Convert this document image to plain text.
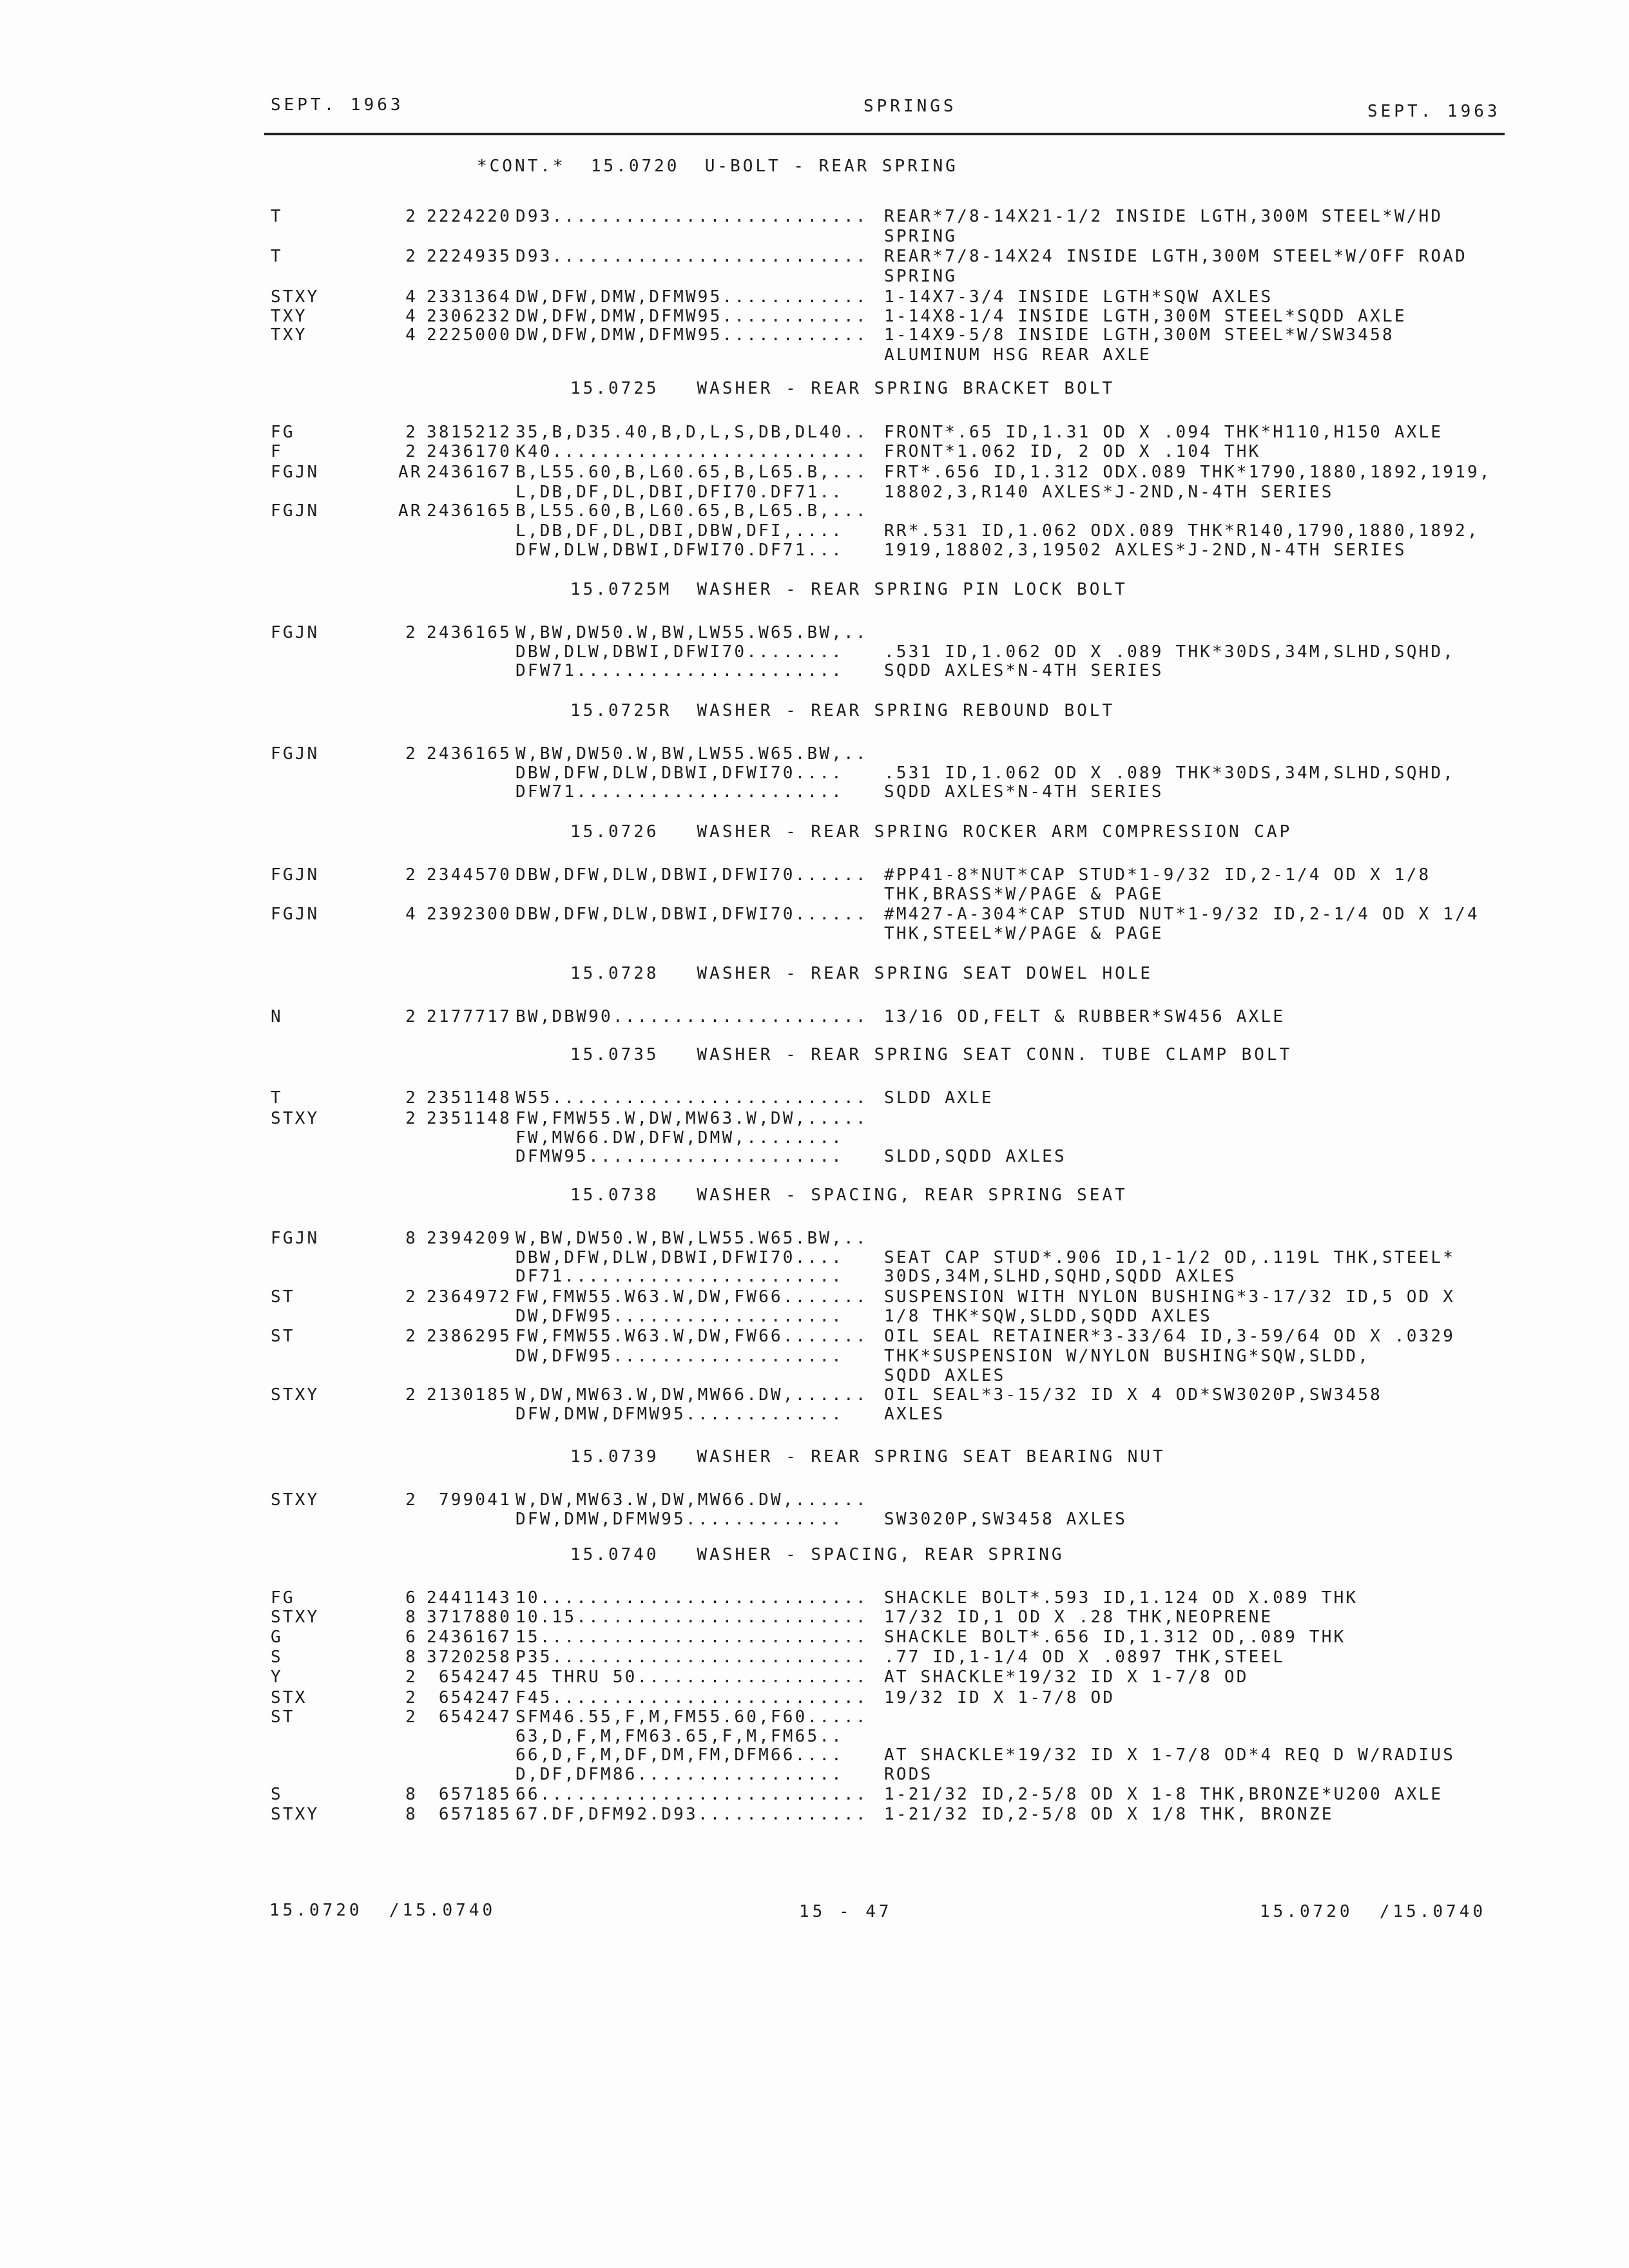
SEPT. 1963	SPRINGS	SEPT. 1963
*CONT.*  15.0720  U-BOLT - REAR SPRING
T	2 2224220 D93.......................... REAR*7/8-14X21-1/2 INSIDE LGTH,300M STEEL*W/HD
SPRING
T	2 2224935 D93.......................... REAR*7/8-14X24 INSIDE LGTH,300M STEEL*W/OFF ROAD
SPRING
STXY	4 2331364 DW,DFW,DMW,DFMW95............ 1-14X7-3/4 INSIDE LGTH*SQW AXLES
TXY	4 2306232 DW,DFW,DMW,DFMW95............ 1-14X8-1/4 INSIDE LGTH,300M STEEL*SQDD AXLE
TXY	4 2225000 DW,DFW,DMW,DFMW95............ 1-14X9-5/8 INSIDE LGTH,300M STEEL*W/SW3458
ALUMINUM HSG REAR AXLE
15.0725   WASHER - REAR SPRING BRACKET BOLT
FG	2 3815212 35,B,D35.40,B,D,L,S,DB,DL40.. FRONT*.65 ID,1.31 OD X .094 THK*H110,H150 AXLE
F	2 2436170 K40.......................... FRONT*1.062 ID, 2 OD X .104 THK
FGJN	AR 2436167 B,L55.60,B,L60.65,B,L65.B,... FRT*.656 ID,1.312 ODX.089 THK*1790,1880,1892,1919,
L,DB,DF,DL,DBI,DFI70.DF71.. 18802,3,R140 AXLES*J-2ND,N-4TH SERIES
FGJN	AR 2436165 B,L55.60,B,L60.65,B,L65.B,...
L,DB,DF,DL,DBI,DBW,DFI,.... RR*.531 ID,1.062 ODX.089 THK*R140,1790,1880,1892,
DFW,DLW,DBWI,DFWI70.DF71... 1919,18802,3,19502 AXLES*J-2ND,N-4TH SERIES
15.0725M  WASHER - REAR SPRING PIN LOCK BOLT
FGJN	2 2436165 W,BW,DW50.W,BW,LW55.W65.BW,..
DBW,DLW,DBWI,DFWI70........ .531 ID,1.062 OD X .089 THK*30DS,34M,SLHD,SQHD,
DFW71...................... SQDD AXLES*N-4TH SERIES
15.0725R  WASHER - REAR SPRING REBOUND BOLT
FGJN	2 2436165 W,BW,DW50.W,BW,LW55.W65.BW,..
DBW,DFW,DLW,DBWI,DFWI70.... .531 ID,1.062 OD X .089 THK*30DS,34M,SLHD,SQHD,
DFW71...................... SQDD AXLES*N-4TH SERIES
15.0726   WASHER - REAR SPRING ROCKER ARM COMPRESSION CAP
FGJN	2 2344570 DBW,DFW,DLW,DBWI,DFWI70...... #PP41-8*NUT*CAP STUD*1-9/32 ID,2-1/4 OD X 1/8
THK,BRASS*W/PAGE & PAGE
FGJN	4 2392300 DBW,DFW,DLW,DBWI,DFWI70...... #M427-A-304*CAP STUD NUT*1-9/32 ID,2-1/4 OD X 1/4
THK,STEEL*W/PAGE & PAGE
15.0728   WASHER - REAR SPRING SEAT DOWEL HOLE
N	2 2177717 BW,DBW90..................... 13/16 OD,FELT & RUBBER*SW456 AXLE
15.0735   WASHER - REAR SPRING SEAT CONN. TUBE CLAMP BOLT
T	2 2351148 W55.......................... SLDD AXLE
STXY	2 2351148 FW,FMW55.W,DW,MW63.W,DW,.....
FW,MW66.DW,DFW,DMW,........
DFMW95..................... SLDD,SQDD AXLES
15.0738   WASHER - SPACING, REAR SPRING SEAT
FGJN	8 2394209 W,BW,DW50.W,BW,LW55.W65.BW,..
DBW,DFW,DLW,DBWI,DFWI70.... SEAT CAP STUD*.906 ID,1-1/2 OD,.119L THK,STEEL*
DF71....................... 30DS,34M,SLHD,SQHD,SQDD AXLES
ST	2 2364972 FW,FMW55.W63.W,DW,FW66....... SUSPENSION WITH NYLON BUSHING*3-17/32 ID,5 OD X
DW,DFW95................... 1/8 THK*SQW,SLDD,SQDD AXLES
ST	2 2386295 FW,FMW55.W63.W,DW,FW66....... OIL SEAL RETAINER*3-33/64 ID,3-59/64 OD X .0329
DW,DFW95................... THK*SUSPENSION W/NYLON BUSHING*SQW,SLDD,
SQDD AXLES
STXY	2 2130185 W,DW,MW63.W,DW,MW66.DW,...... OIL SEAL*3-15/32 ID X 4 OD*SW3020P,SW3458
DFW,DMW,DFMW95............. AXLES
15.0739   WASHER - REAR SPRING SEAT BEARING NUT
STXY	2 799041 W,DW,MW63.W,DW,MW66.DW,......
DFW,DMW,DFMW95............. SW3020P,SW3458 AXLES
15.0740   WASHER - SPACING, REAR SPRING
FG	6 2441143 10........................... SHACKLE BOLT*.593 ID,1.124 OD X.089 THK
STXY	8 3717880 10.15........................ 17/32 ID,1 OD X .28 THK,NEOPRENE
G	6 2436167 15........................... SHACKLE BOLT*.656 ID,1.312 OD,.089 THK
S	8 3720258 P35.......................... .77 ID,1-1/4 OD X .0897 THK,STEEL
Y	2 654247 45 THRU 50................... AT SHACKLE*19/32 ID X 1-7/8 OD
STX	2 654247 F45.......................... 19/32 ID X 1-7/8 OD
ST	2 654247 SFM46.55,F,M,FM55.60,F60.....
63,D,F,M,FM63.65,F,M,FM65..
66,D,F,M,DF,DM,FM,DFM66.... AT SHACKLE*19/32 ID X 1-7/8 OD*4 REQ D W/RADIUS
D,DF,DFM86................. RODS
S	8 657185 66........................... 1-21/32 ID,2-5/8 OD X 1-8 THK,BRONZE*U200 AXLE
STXY	8 657185 67.DF,DFM92.D93.............. 1-21/32 ID,2-5/8 OD X 1/8 THK, BRONZE
15.0720  /15.0740	15 - 47	15.0720  /15.0740
